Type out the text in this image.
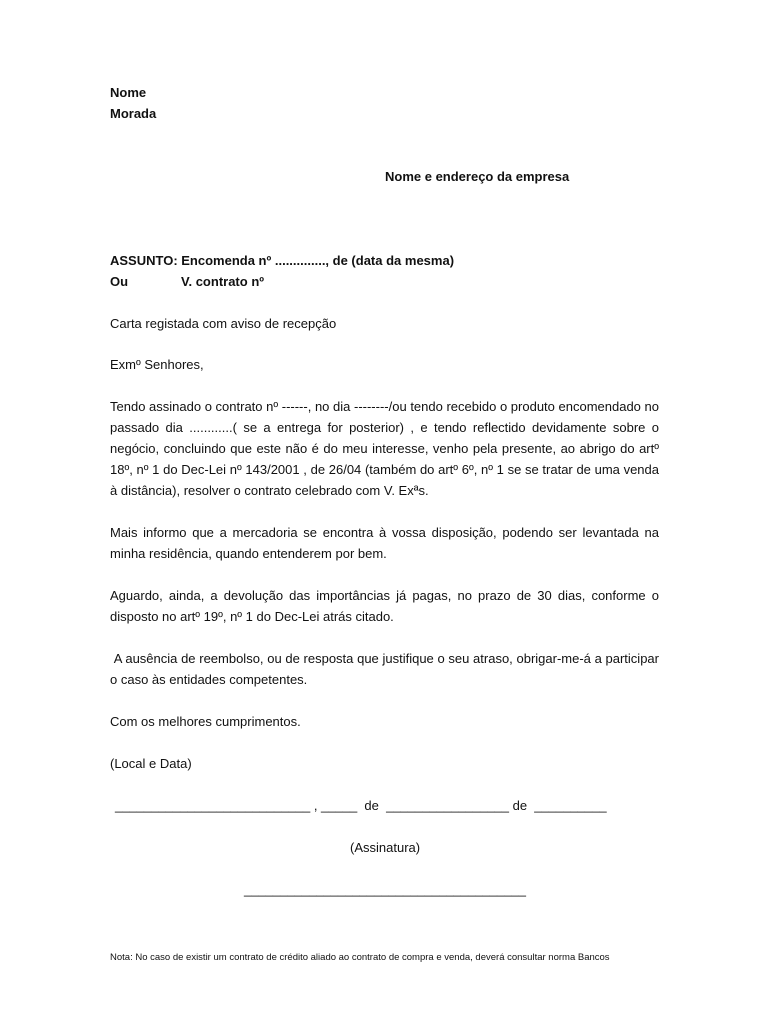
Nome
Morada
Nome e endereço da empresa
ASSUNTO: Encomenda nº .............., de (data da mesma)
Ou	V. contrato nº
Carta registada com aviso de recepção
Exmº Senhores,

Tendo assinado o contrato nº ------, no dia --------/ou tendo recebido o produto encomendado no passado dia ............( se a entrega for posterior) , e tendo reflectido devidamente sobre o negócio, concluindo que este não é do meu interesse, venho pela presente, ao abrigo do artº 18º, nº 1 do Dec-Lei nº 143/2001 , de 26/04 (também do artº 6º, nº 1 se se tratar de uma venda à distância), resolver o contrato celebrado com V. Exªs.

Mais informo que a mercadoria se encontra à vossa disposição, podendo ser levantada na minha residência, quando entenderem por bem.

Aguardo, ainda, a devolução das importâncias já pagas, no prazo de 30 dias, conforme o disposto no artº 19º, nº 1 do Dec-Lei atrás citado.

A ausência de reembolso, ou de resposta que justifique o seu atraso, obrigar-me-á a participar o caso às entidades competentes.

Com os melhores cumprimentos.
(Local e Data)
___________________________ , _____  de  _________________ de  __________
(Assinatura)
_______________________________________
Nota: No caso de existir um contrato de crédito aliado ao contrato de compra e venda, deverá consultar norma Bancos
